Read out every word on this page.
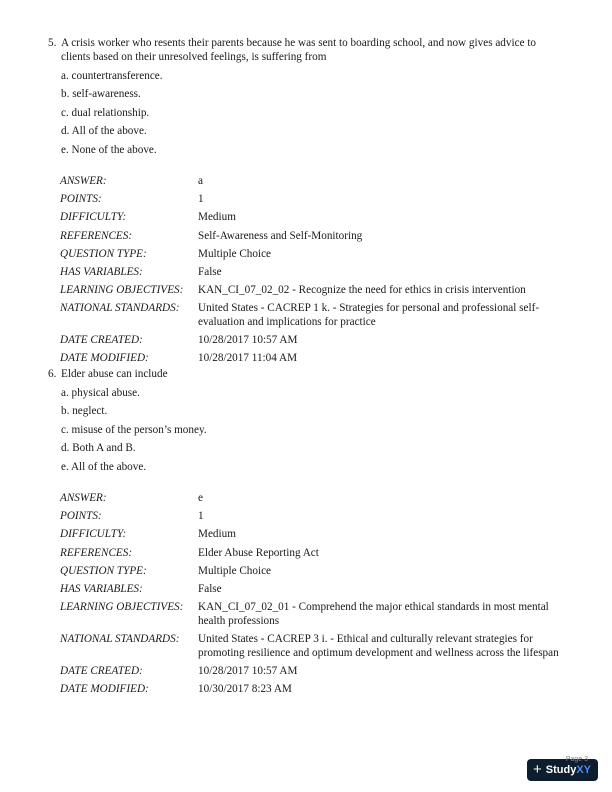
5. A crisis worker who resents their parents because he was sent to boarding school, and now gives advice to clients based on their unresolved feelings, is suffering from
a. countertransference.
b. self-awareness.
c. dual relationship.
d. All of the above.
e. None of the above.
ANSWER:	a
POINTS:	1
DIFFICULTY:	Medium
REFERENCES:	Self-Awareness and Self-Monitoring
QUESTION TYPE:	Multiple Choice
HAS VARIABLES:	False
LEARNING OBJECTIVES:	KAN_CI_07_02_02 - Recognize the need for ethics in crisis intervention
NATIONAL STANDARDS:	United States - CACREP 1 k. - Strategies for personal and professional self-evaluation and implications for practice
DATE CREATED:	10/28/2017 10:57 AM
DATE MODIFIED:	10/28/2017 11:04 AM
6. Elder abuse can include
a. physical abuse.
b. neglect.
c. misuse of the person’s money.
d. Both A and B.
e. All of the above.
ANSWER:	e
POINTS:	1
DIFFICULTY:	Medium
REFERENCES:	Elder Abuse Reporting Act
QUESTION TYPE:	Multiple Choice
HAS VARIABLES:	False
LEARNING OBJECTIVES:	KAN_CI_07_02_01 - Comprehend the major ethical standards in most mental health professions
NATIONAL STANDARDS:	United States - CACREP 3 i. - Ethical and culturally relevant strategies for promoting resilience and optimum development and wellness across the lifespan
DATE CREATED:	10/28/2017 10:57 AM
DATE MODIFIED:	10/30/2017 8:23 AM
Page 3
+ Study XY
